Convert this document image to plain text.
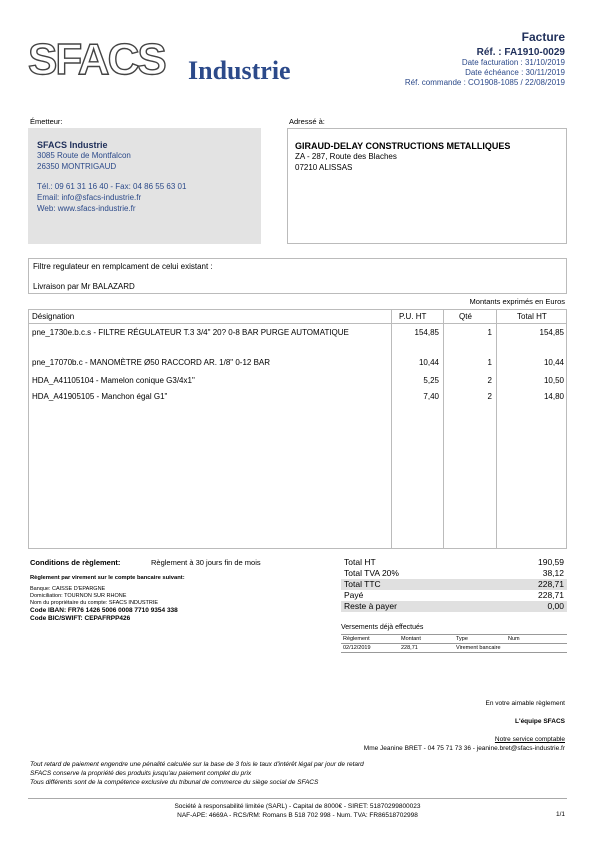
SFACS Industrie
Facture
Réf. : FA1910-0029
Date facturation : 31/10/2019
Date échéance : 30/11/2019
Réf. commande : CO1908-1085 / 22/08/2019
Émetteur:
SFACS Industrie
3085 Route de Montfalcon
26350 MONTRIGAUD
Tél.: 09 61 31 16 40 - Fax: 04 86 55 63 01
Email: info@sfacs-industrie.fr
Web: www.sfacs-industrie.fr
Adressé à:
GIRAUD-DELAY CONSTRUCTIONS METALLIQUES
ZA - 287, Route des Blaches
07210 ALISSAS
Filtre regulateur en remplcament de celui existant :
Livraison par Mr BALAZARD
Montants exprimés en Euros
Désignation	P.U. HT	Qté	Total HT
pne_1730e.b.c.s - FILTRE RÉGULATEUR T.3 3/4" 20? 0-8 BAR PURGE AUTOMATIQUE	154,85	1	154,85
pne_17070b.c - MANOMÈTRE Ø50 RACCORD AR. 1/8" 0-12 BAR	10,44	1	10,44
HDA_A41105104 - Mamelon conique G3/4x1"	5,25	2	10,50
HDA_A41905105 - Manchon égal G1"	7,40	2	14,80
Conditions de règlement:	Règlement à 30 jours fin de mois
Règlement par virement sur le compte bancaire suivant:
Banque: CAISSE D'EPARGNE
Domiciliation: TOURNON SUR RHONE
Nom du propriétaire du compte: SFACS INDUSTRIE
Code IBAN: FR76 1426 5006 0008 7710 9354 338
Code BIC/SWIFT: CEPAFRPP426
Total HT	190,59
Total TVA 20%	38,12
Total TTC	228,71
Payé	228,71
Reste à payer	0,00
Versements déjà effectués
Règlement	Montant	Type	Num
02/12/2019	228,71	Virement bancaire	
En votre aimable règlement
L'équipe SFACS
Notre service comptable
Mme Jeanine BRET - 04 75 71 73 36 - jeanine.bret@sfacs-industrie.fr
Tout retard de paiement engendre une pénalité calculée sur la base de 3 fois le taux d'intérêt légal par jour de retard
SFACS conserve la propriété des produits jusqu'au paiement complet du prix
Tous différents sont de la compétence exclusive du tribunal de commerce du siège social de SFACS
Société à responsabilité limitée (SARL) - Capital de 8000€ - SIRET: 51870299800023
NAF-APE: 4669A - RCS/RM: Romans B 518 702 998 - Num. TVA: FR86518702998	1/1
